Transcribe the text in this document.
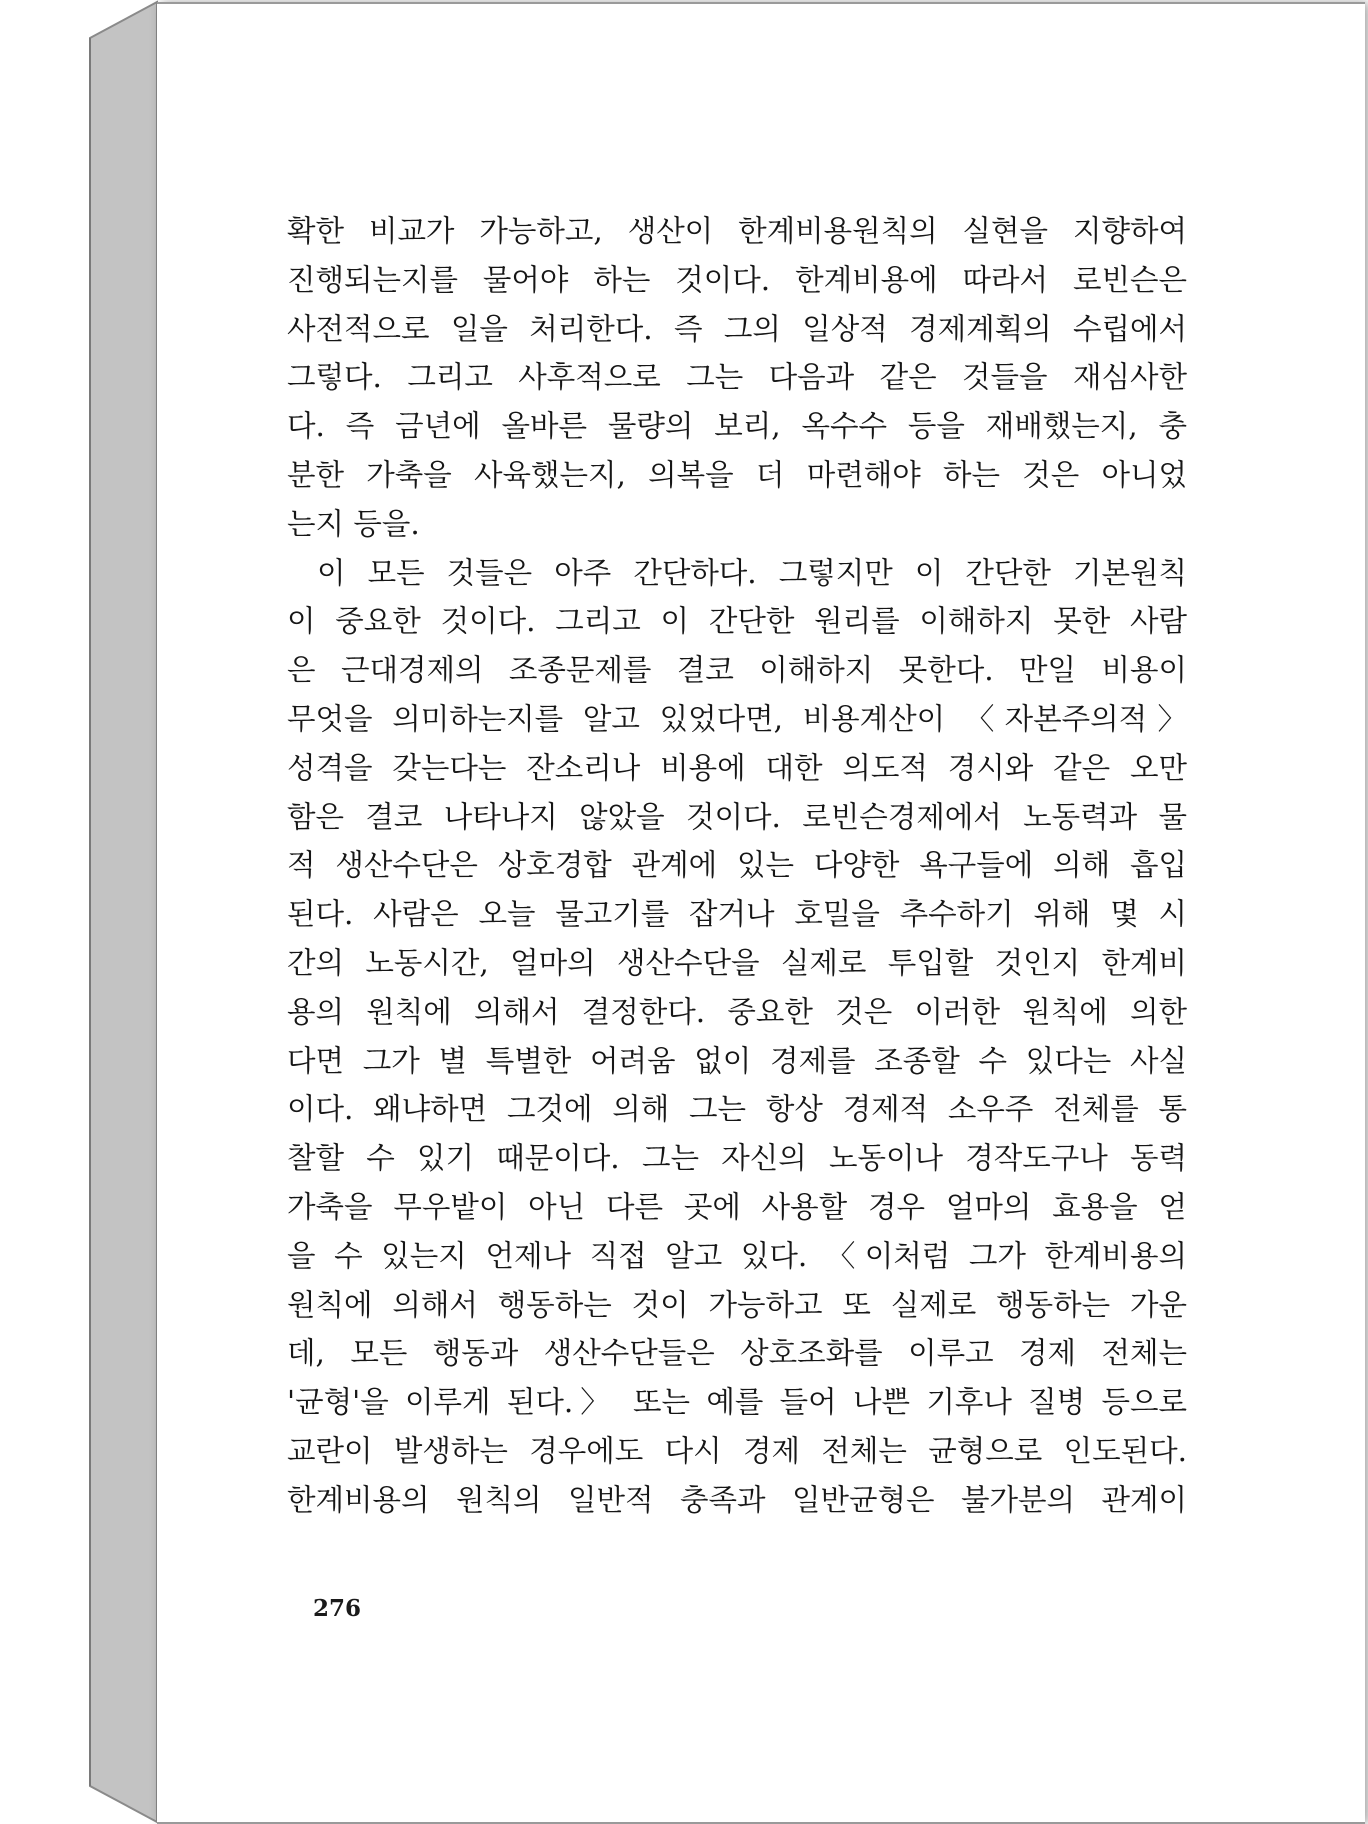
확한 비교가 가능하고, 생산이 한계비용원칙의 실현을 지향하여
진행되는지를 물어야 하는 것이다. 한계비용에 따라서 로빈슨은
사전적으로 일을 처리한다. 즉 그의 일상적 경제계획의 수립에서
그렇다. 그리고 사후적으로 그는 다음과 같은 것들을 재심사한
다. 즉 금년에 올바른 물량의 보리, 옥수수 등을 재배했는지, 충
분한 가축을 사육했는지, 의복을 더 마련해야 하는 것은 아니었
는지 등을.
이 모든 것들은 아주 간단하다. 그렇지만 이 간단한 기본원칙
이 중요한 것이다. 그리고 이 간단한 원리를 이해하지 못한 사람
은 근대경제의 조종문제를 결코 이해하지 못한다. 만일 비용이
무엇을 의미하는지를 알고 있었다면, 비용계산이 〈자본주의적〉
성격을 갖는다는 잔소리나 비용에 대한 의도적 경시와 같은 오만
함은 결코 나타나지 않았을 것이다. 로빈슨경제에서 노동력과 물
적 생산수단은 상호경합 관계에 있는 다양한 욕구들에 의해 흡입
된다. 사람은 오늘 물고기를 잡거나 호밀을 추수하기 위해 몇 시
간의 노동시간, 얼마의 생산수단을 실제로 투입할 것인지 한계비
용의 원칙에 의해서 결정한다. 중요한 것은 이러한 원칙에 의한
다면 그가 별 특별한 어려움 없이 경제를 조종할 수 있다는 사실
이다. 왜냐하면 그것에 의해 그는 항상 경제적 소우주 전체를 통
찰할 수 있기 때문이다. 그는 자신의 노동이나 경작도구나 동력
가축을 무우밭이 아닌 다른 곳에 사용할 경우 얼마의 효용을 얻
을 수 있는지 언제나 직접 알고 있다. 〈이처럼 그가 한계비용의
원칙에 의해서 행동하는 것이 가능하고 또 실제로 행동하는 가운
데, 모든 행동과 생산수단들은 상호조화를 이루고 경제 전체는
'균형'을 이루게 된다.〉 또는 예를 들어 나쁜 기후나 질병 등으로
교란이 발생하는 경우에도 다시 경제 전체는 균형으로 인도된다.
한계비용의 원칙의 일반적 충족과 일반균형은 불가분의 관계이
276
